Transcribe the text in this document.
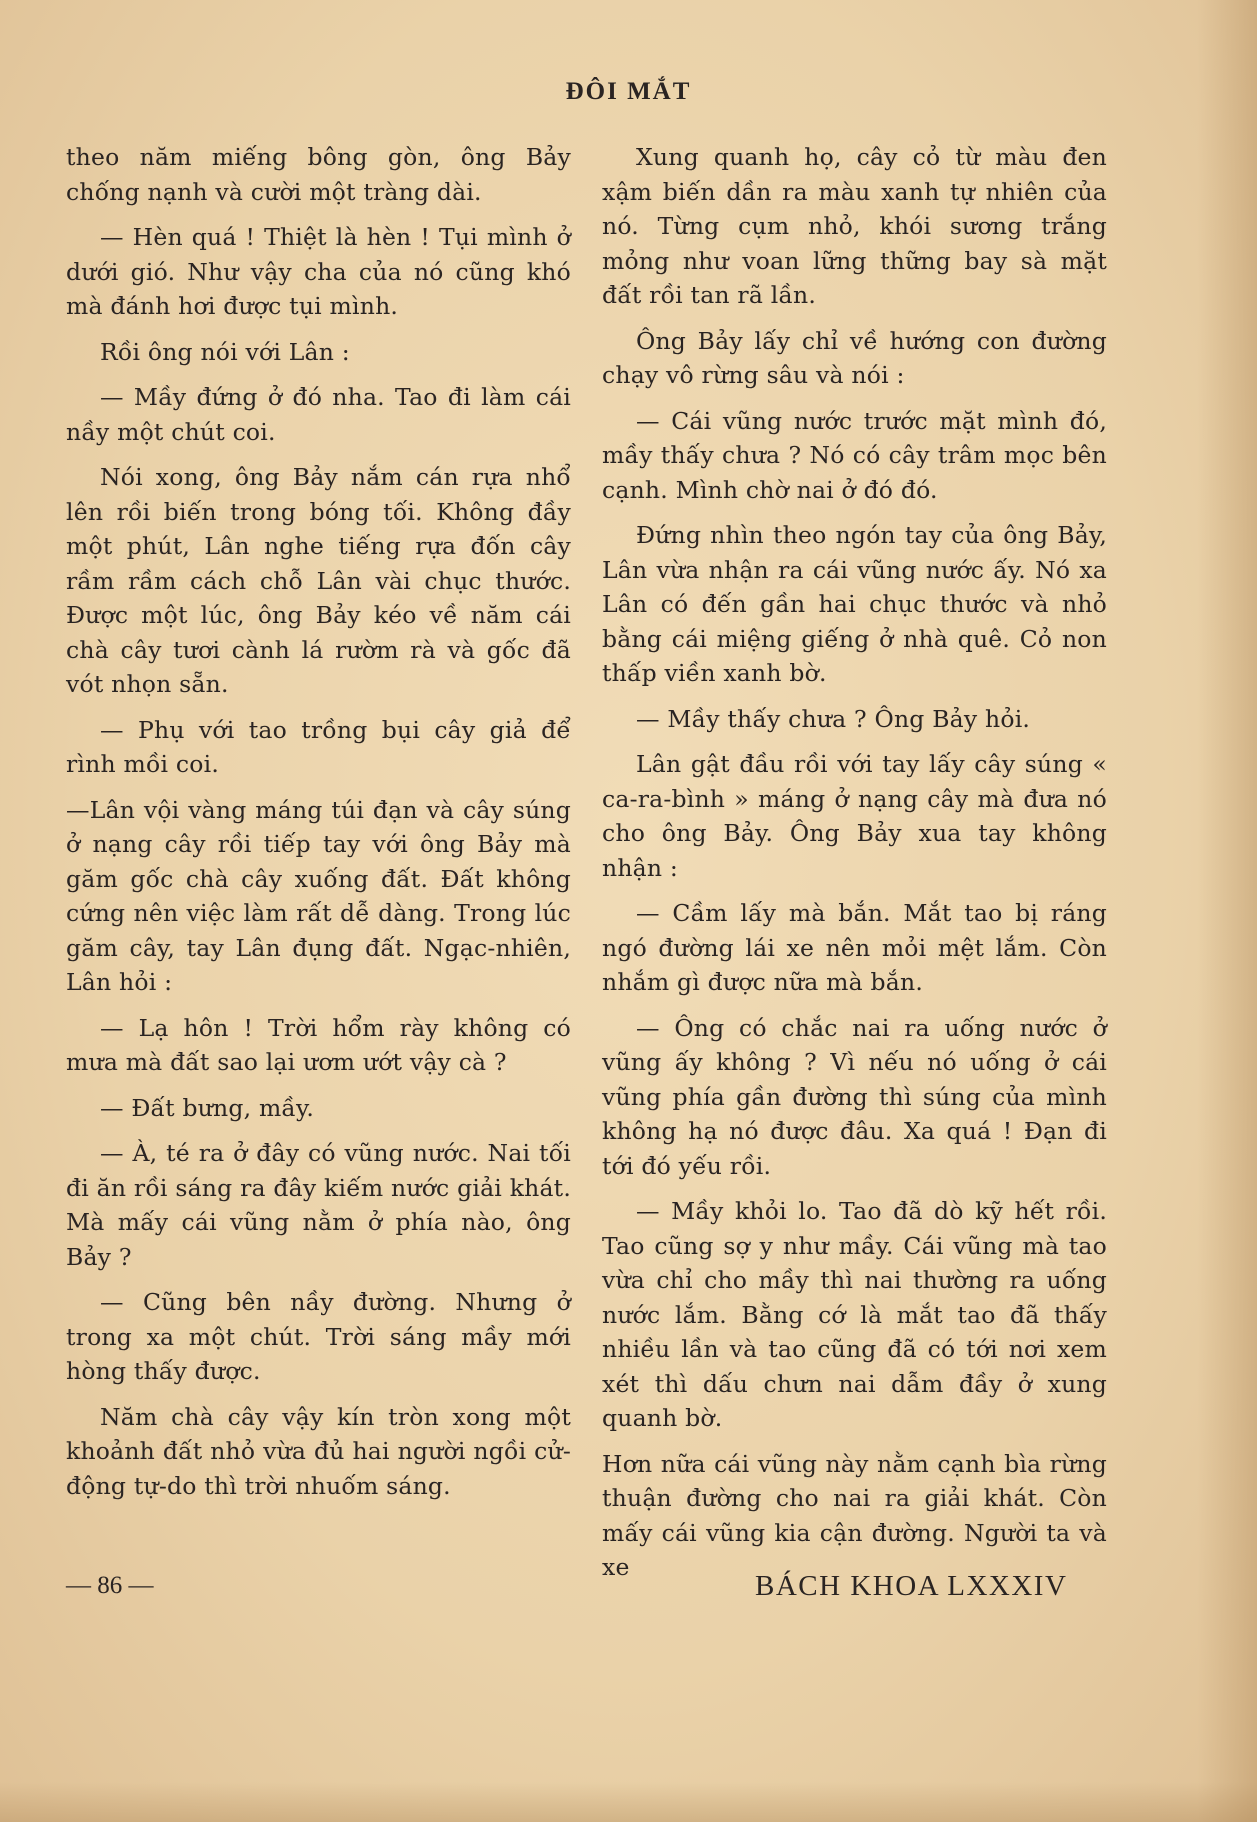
ĐÔI MẮT

theo năm miếng bông gòn, ông Bảy chống nạnh và cười một tràng dài.

— Hèn quá ! Thiệt là hèn ! Tụi mình ở dưới gió. Như vậy cha của nó cũng khó mà đánh hơi được tụi mình.

Rồi ông nói với Lân :

— Mầy đứng ở đó nha. Tao đi làm cái nầy một chút coi.

Nói xong, ông Bảy nắm cán rựa nhổ lên rồi biến trong bóng tối. Không đầy một phút, Lân nghe tiếng rựa đốn cây rầm rầm cách chỗ Lân vài chục thước. Được một lúc, ông Bảy kéo về năm cái chà cây tươi cành lá rườm rà và gốc đã vót nhọn sẵn.

— Phụ với tao trồng bụi cây giả để rình mồi coi.

—Lân vội vàng máng túi đạn và cây súng ở nạng cây rồi tiếp tay với ông Bảy mà găm gốc chà cây xuống đất. Đất không cứng nên việc làm rất dễ dàng. Trong lúc găm cây, tay Lân đụng đất. Ngạc-nhiên, Lân hỏi :

— Lạ hôn ! Trời hổm rày không có mưa mà đất sao lại ươm ướt vậy cà ?

— Đất bưng, mầy.

— À, té ra ở đây có vũng nước. Nai tối đi ăn rồi sáng ra đây kiếm nước giải khát. Mà mấy cái vũng nằm ở phía nào, ông Bảy ?

— Cũng bên nầy đường. Nhưng ở trong xa một chút. Trời sáng mầy mới hòng thấy được.

Năm chà cây vậy kín tròn xong một khoảnh đất nhỏ vừa đủ hai người ngồi cử-động tự-do thì trời nhuốm sáng.

Xung quanh họ, cây cỏ từ màu đen xậm biến dần ra màu xanh tự nhiên của nó. Từng cụm nhỏ, khói sương trắng mỏng như voan lững thững bay sà mặt đất rồi tan rã lần.

Ông Bảy lấy chỉ về hướng con đường chạy vô rừng sâu và nói :

— Cái vũng nước trước mặt mình đó, mầy thấy chưa ? Nó có cây trâm mọc bên cạnh. Mình chờ nai ở đó đó.

Đứng nhìn theo ngón tay của ông Bảy, Lân vừa nhận ra cái vũng nước ấy. Nó xa Lân có đến gần hai chục thước và nhỏ bằng cái miệng giếng ở nhà quê. Cỏ non thấp viền xanh bờ.

— Mầy thấy chưa ? Ông Bảy hỏi.

Lân gật đầu rồi với tay lấy cây súng « ca-ra-bình » máng ở nạng cây mà đưa nó cho ông Bảy. Ông Bảy xua tay không nhận :

— Cầm lấy mà bắn. Mắt tao bị ráng ngó đường lái xe nên mỏi mệt lắm. Còn nhắm gì được nữa mà bắn.

— Ông có chắc nai ra uống nước ở vũng ấy không ? Vì nếu nó uống ở cái vũng phía gần đường thì súng của mình không hạ nó được đâu. Xa quá ! Đạn đi tới đó yếu rồi.

— Mầy khỏi lo. Tao đã dò kỹ hết rồi. Tao cũng sợ y như mầy. Cái vũng mà tao vừa chỉ cho mầy thì nai thường ra uống nước lắm. Bằng cớ là mắt tao đã thấy nhiều lần và tao cũng đã có tới nơi xem xét thì dấu chưn nai dẫm đầy ở xung quanh bờ.

Hơn nữa cái vũng này nằm cạnh bìa rừng thuận đường cho nai ra giải khát. Còn mấy cái vũng kia cận đường. Người ta và xe

— 86 —	BÁCH KHOA LXXXIV
